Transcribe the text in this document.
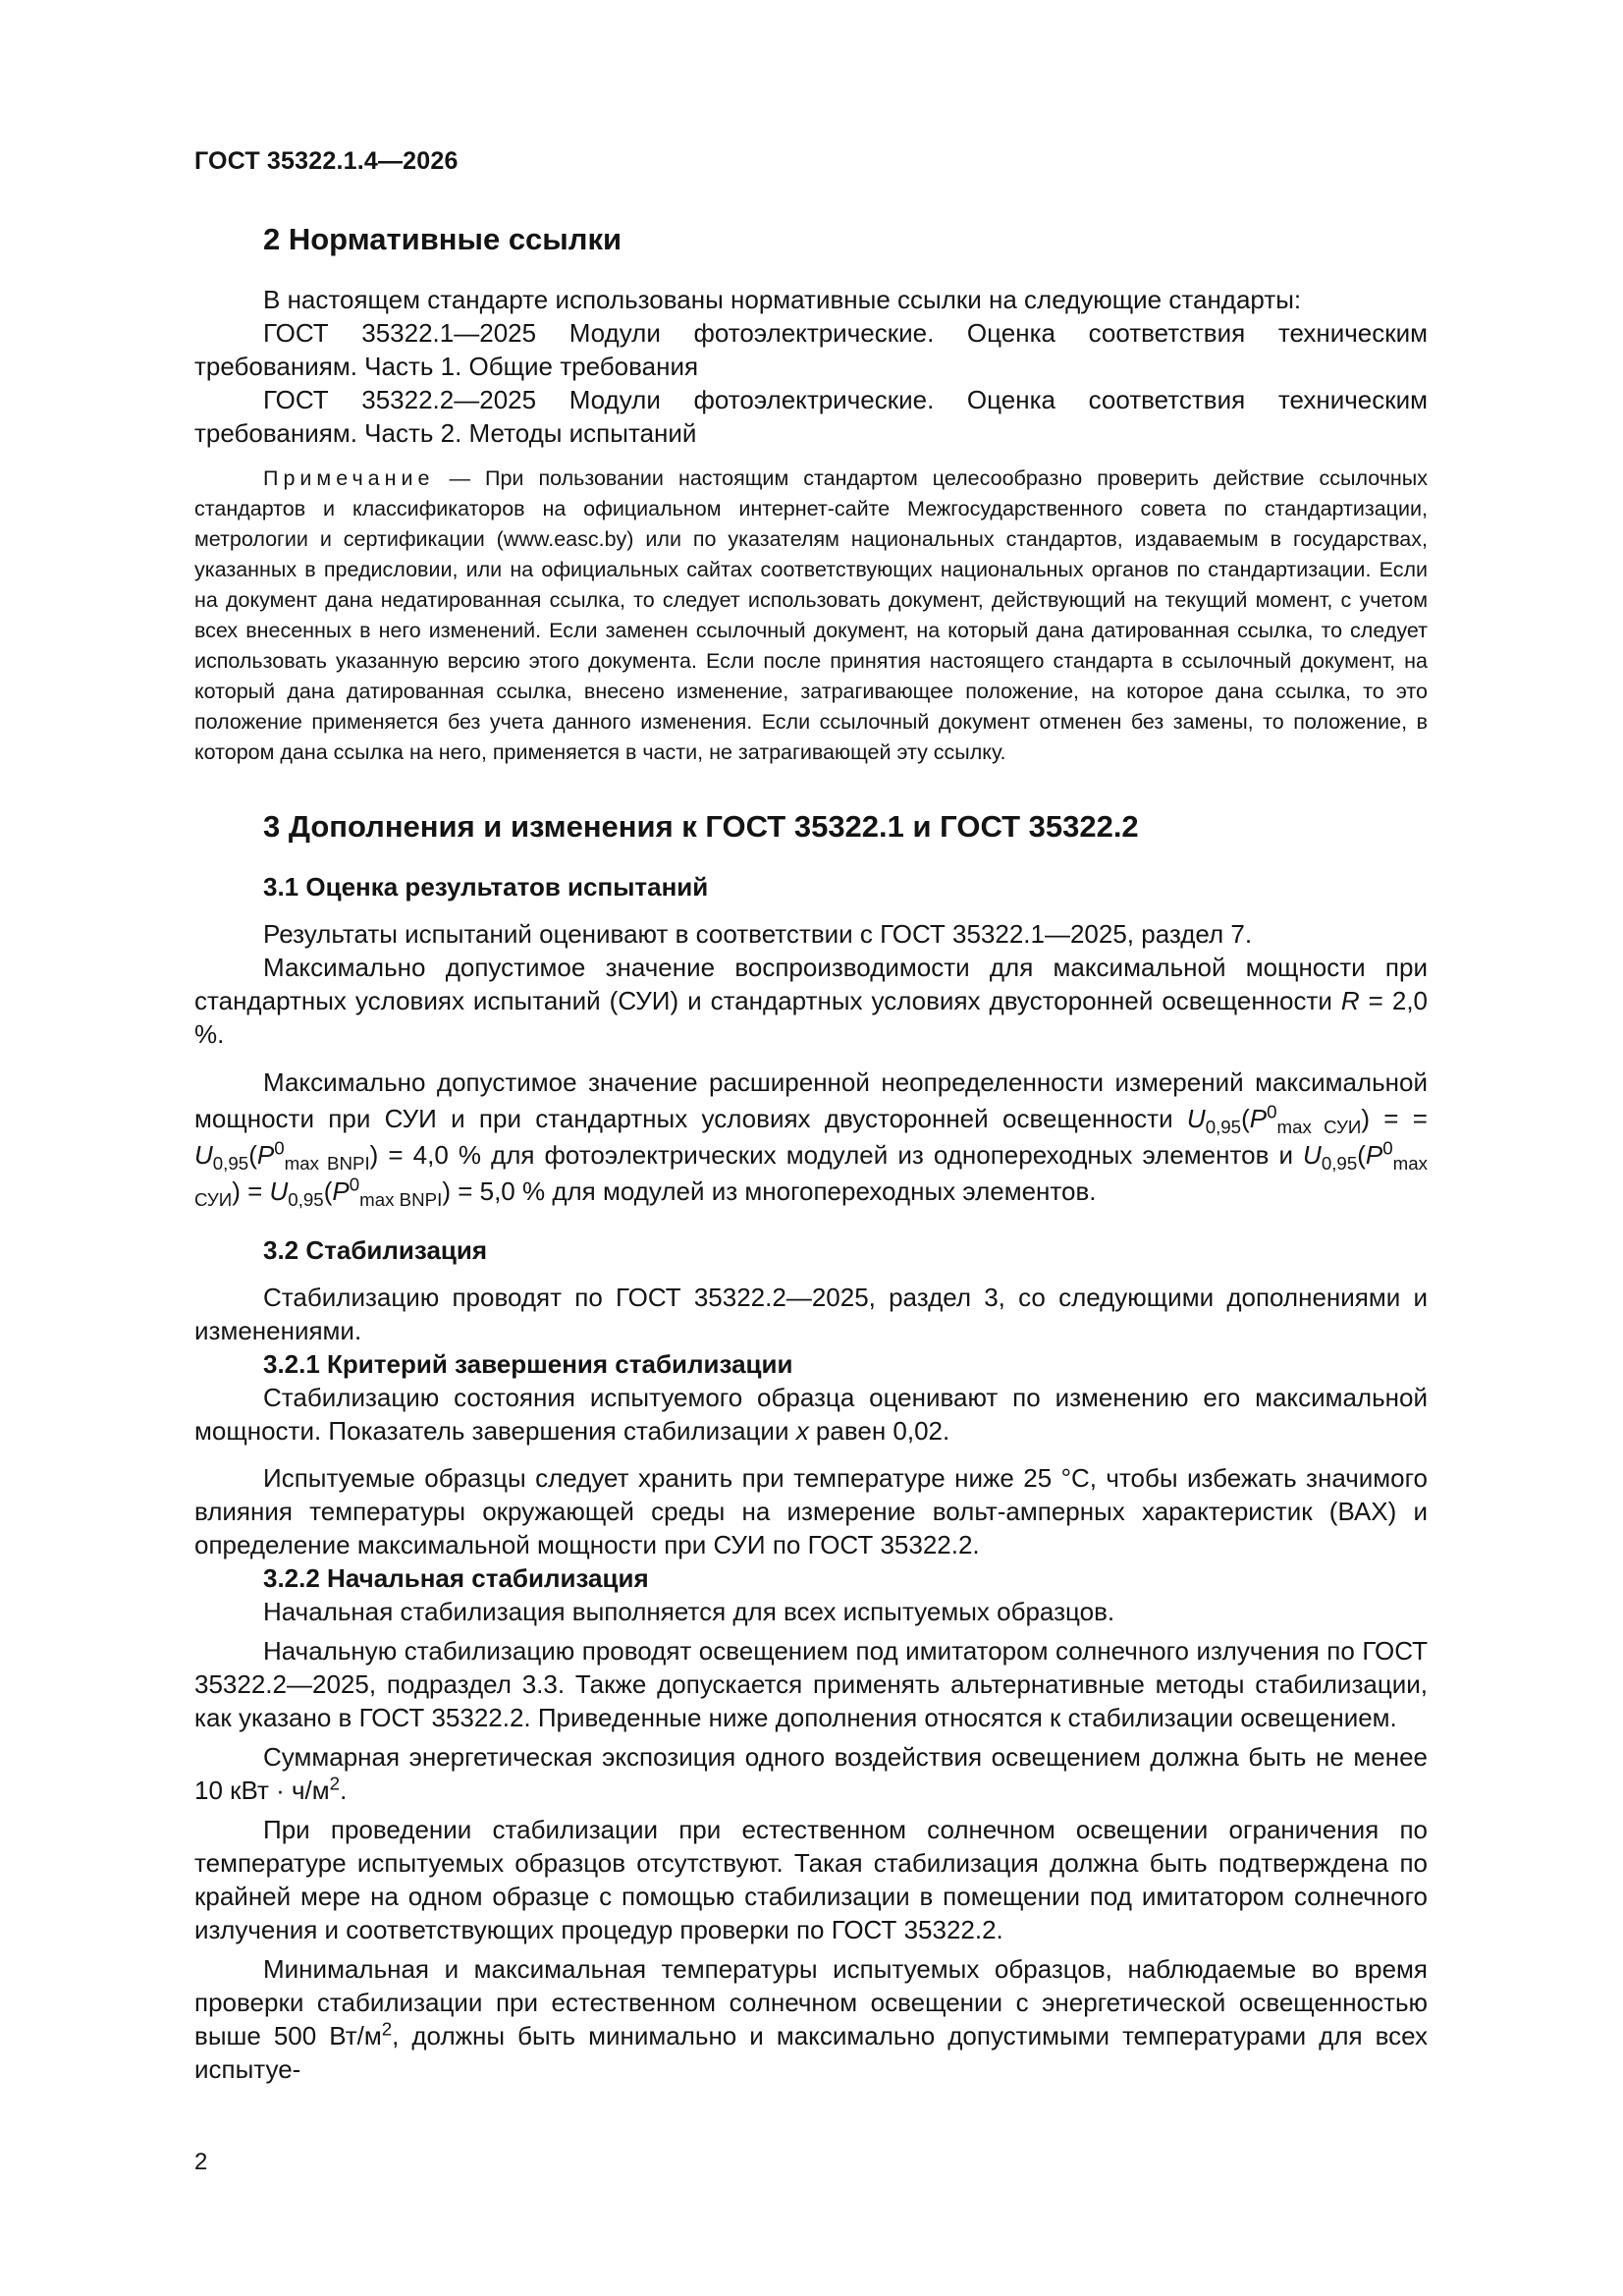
ГОСТ 35322.1.4—2026
2 Нормативные ссылки

В настоящем стандарте использованы нормативные ссылки на следующие стандарты:

ГОСТ 35322.1—2025 Модули фотоэлектрические. Оценка соответствия техническим требованиям. Часть 1. Общие требования

ГОСТ 35322.2—2025 Модули фотоэлектрические. Оценка соответствия техническим требованиям. Часть 2. Методы испытаний

Примечание — При пользовании настоящим стандартом целесообразно проверить действие ссылочных стандартов и классификаторов на официальном интернет-сайте Межгосударственного совета по стандартизации, метрологии и сертификации (www.easc.by) или по указателям национальных стандартов, издаваемым в государствах, указанных в предисловии, или на официальных сайтах соответствующих национальных органов по стандартизации. Если на документ дана недатированная ссылка, то следует использовать документ, действующий на текущий момент, с учетом всех внесенных в него изменений. Если заменен ссылочный документ, на который дана датированная ссылка, то следует использовать указанную версию этого документа. Если после принятия настоящего стандарта в ссылочный документ, на который дана датированная ссылка, внесено изменение, затрагивающее положение, на которое дана ссылка, то это положение применяется без учета данного изменения. Если ссылочный документ отменен без замены, то положение, в котором дана ссылка на него, применяется в части, не затрагивающей эту ссылку.

3 Дополнения и изменения к ГОСТ 35322.1 и ГОСТ 35322.2
3.1 Оценка результатов испытаний

Результаты испытаний оценивают в соответствии с ГОСТ 35322.1—2025, раздел 7.

Максимально допустимое значение воспроизводимости для максимальной мощности при стандартных условиях испытаний (СУИ) и стандартных условиях двусторонней освещенности R = 2,0 %.

Максимально допустимое значение расширенной неопределенности измерений максимальной мощности при СУИ и при стандартных условиях двусторонней освещенности $U_{0,95}(P^0_{max СУИ})$ = = $U_{0,95}(P^0_{max BNPI}) = 4,0$ % для фотоэлектрических модулей из однопереходных элементов и $U_{0,95}(P^0_{max СУИ}) = U_{0,95}(P^0_{max BNPI}) = 5,0$ % для модулей из многопереходных элементов.

3.2 Стабилизация

Стабилизацию проводят по ГОСТ 35322.2—2025, раздел 3, со следующими дополнениями и изменениями.

3.2.1 Критерий завершения стабилизации

Стабилизацию состояния испытуемого образца оценивают по изменению его максимальной мощности. Показатель завершения стабилизации x равен 0,02.

Испытуемые образцы следует хранить при температуре ниже 25 °С, чтобы избежать значимого влияния температуры окружающей среды на измерение вольт-амперных характеристик (ВАХ) и определение максимальной мощности при СУИ по ГОСТ 35322.2.

3.2.2 Начальная стабилизация

Начальная стабилизация выполняется для всех испытуемых образцов.

Начальную стабилизацию проводят освещением под имитатором солнечного излучения по ГОСТ 35322.2—2025, подраздел 3.3. Также допускается применять альтернативные методы стабилизации, как указано в ГОСТ 35322.2. Приведенные ниже дополнения относятся к стабилизации освещением.

Суммарная энергетическая экспозиция одного воздействия освещением должна быть не менее 10 кВт · $ч/м^2$.

При проведении стабилизации при естественном солнечном освещении ограничения по температуре испытуемых образцов отсутствуют. Такая стабилизация должна быть подтверждена по крайней мере на одном образце с помощью стабилизации в помещении под имитатором солнечного излучения и соответствующих процедур проверки по ГОСТ 35322.2.

Минимальная и максимальная температуры испытуемых образцов, наблюдаемые во время проверки стабилизации при естественном солнечном освещении с энергетической освещенностью выше 500 $Вт/м^2$, должны быть минимально и максимально допустимыми температурами для всех испытуе-

2
